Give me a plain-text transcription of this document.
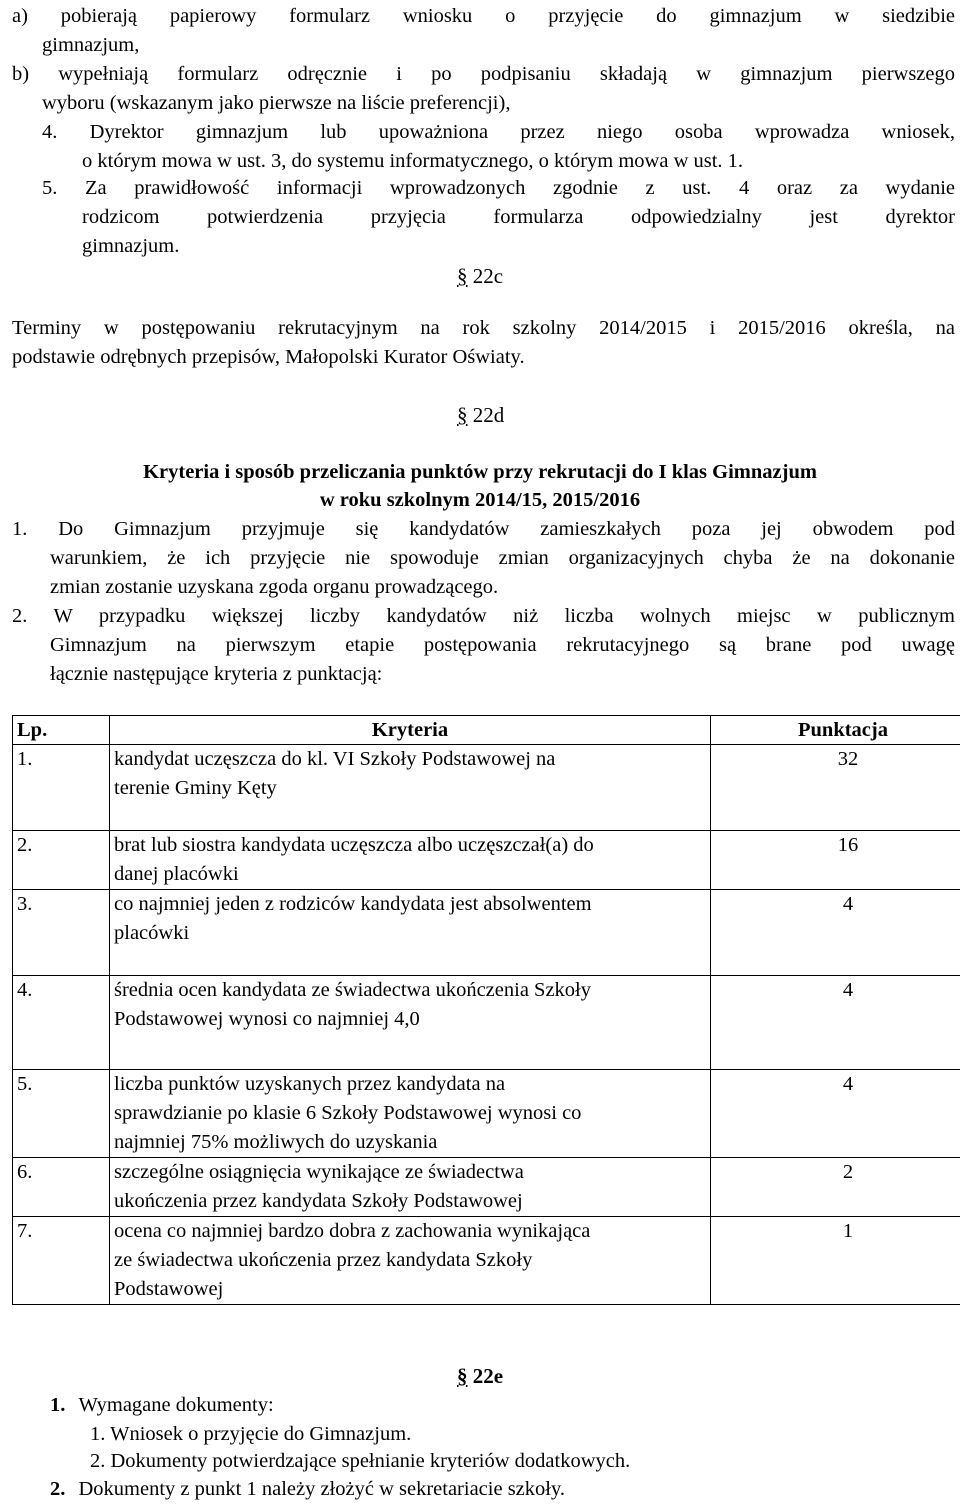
a) pobierają papierowy formularz wniosku o przyjęcie do gimnazjum w siedzibie
gimnazjum,
b) wypełniają formularz odręcznie i po podpisaniu składają w gimnazjum pierwszego
wyboru (wskazanym jako pierwsze na liście preferencji),
4. Dyrektor gimnazjum lub upoważniona przez niego osoba wprowadza wniosek,
o którym mowa w ust. 3, do systemu informatycznego, o którym mowa w ust. 1.
5. Za prawidłowość informacji wprowadzonych zgodnie z ust. 4 oraz za wydanie
rodzicom potwierdzenia przyjęcia formularza odpowiedzialny jest dyrektor
gimnazjum.
§ 22c
Terminy w postępowaniu rekrutacyjnym na rok szkolny 2014/2015 i 2015/2016 określa, na
podstawie odrębnych przepisów, Małopolski Kurator Oświaty.
§ 22d
Kryteria i sposób przeliczania punktów przy rekrutacji do I klas Gimnazjum
w roku szkolnym 2014/15, 2015/2016
1. Do Gimnazjum przyjmuje się kandydatów zamieszkałych poza jej obwodem pod
warunkiem, że ich przyjęcie nie spowoduje zmian organizacyjnych chyba że na dokonanie
zmian zostanie uzyskana zgoda organu prowadzącego.
2. W przypadku większej liczby kandydatów niż liczba wolnych miejsc w publicznym
Gimnazjum na pierwszym etapie postępowania rekrutacyjnego są brane pod uwagę
łącznie następujące kryteria z punktacją:
Lp.	Kryteria	Punktacja
1.	kandydat uczęszcza do kl. VI Szkoły Podstawowej na
terenie Gminy Kęty	32
2.	brat lub siostra kandydata uczęszcza albo uczęszczał(a) do
danej placówki	16
3.	co najmniej jeden z rodziców kandydata jest absolwentem
placówki	4
4.	średnia ocen kandydata ze świadectwa ukończenia Szkoły
Podstawowej wynosi co najmniej 4,0	4
5.	liczba punktów uzyskanych przez kandydata na
sprawdzianie po klasie 6 Szkoły Podstawowej wynosi co
najmniej 75% możliwych do uzyskania	4
6.	szczególne osiągnięcia wynikające ze świadectwa
ukończenia przez kandydata Szkoły Podstawowej	2
7.	ocena co najmniej bardzo dobra z zachowania wynikająca
ze świadectwa ukończenia przez kandydata Szkoły
Podstawowej	1
§ 22e
1. Wymagane dokumenty:
1. Wniosek o przyjęcie do Gimnazjum.
2. Dokumenty potwierdzające spełnianie kryteriów dodatkowych.
2. Dokumenty z punkt 1 należy złożyć w sekretariacie szkoły.
